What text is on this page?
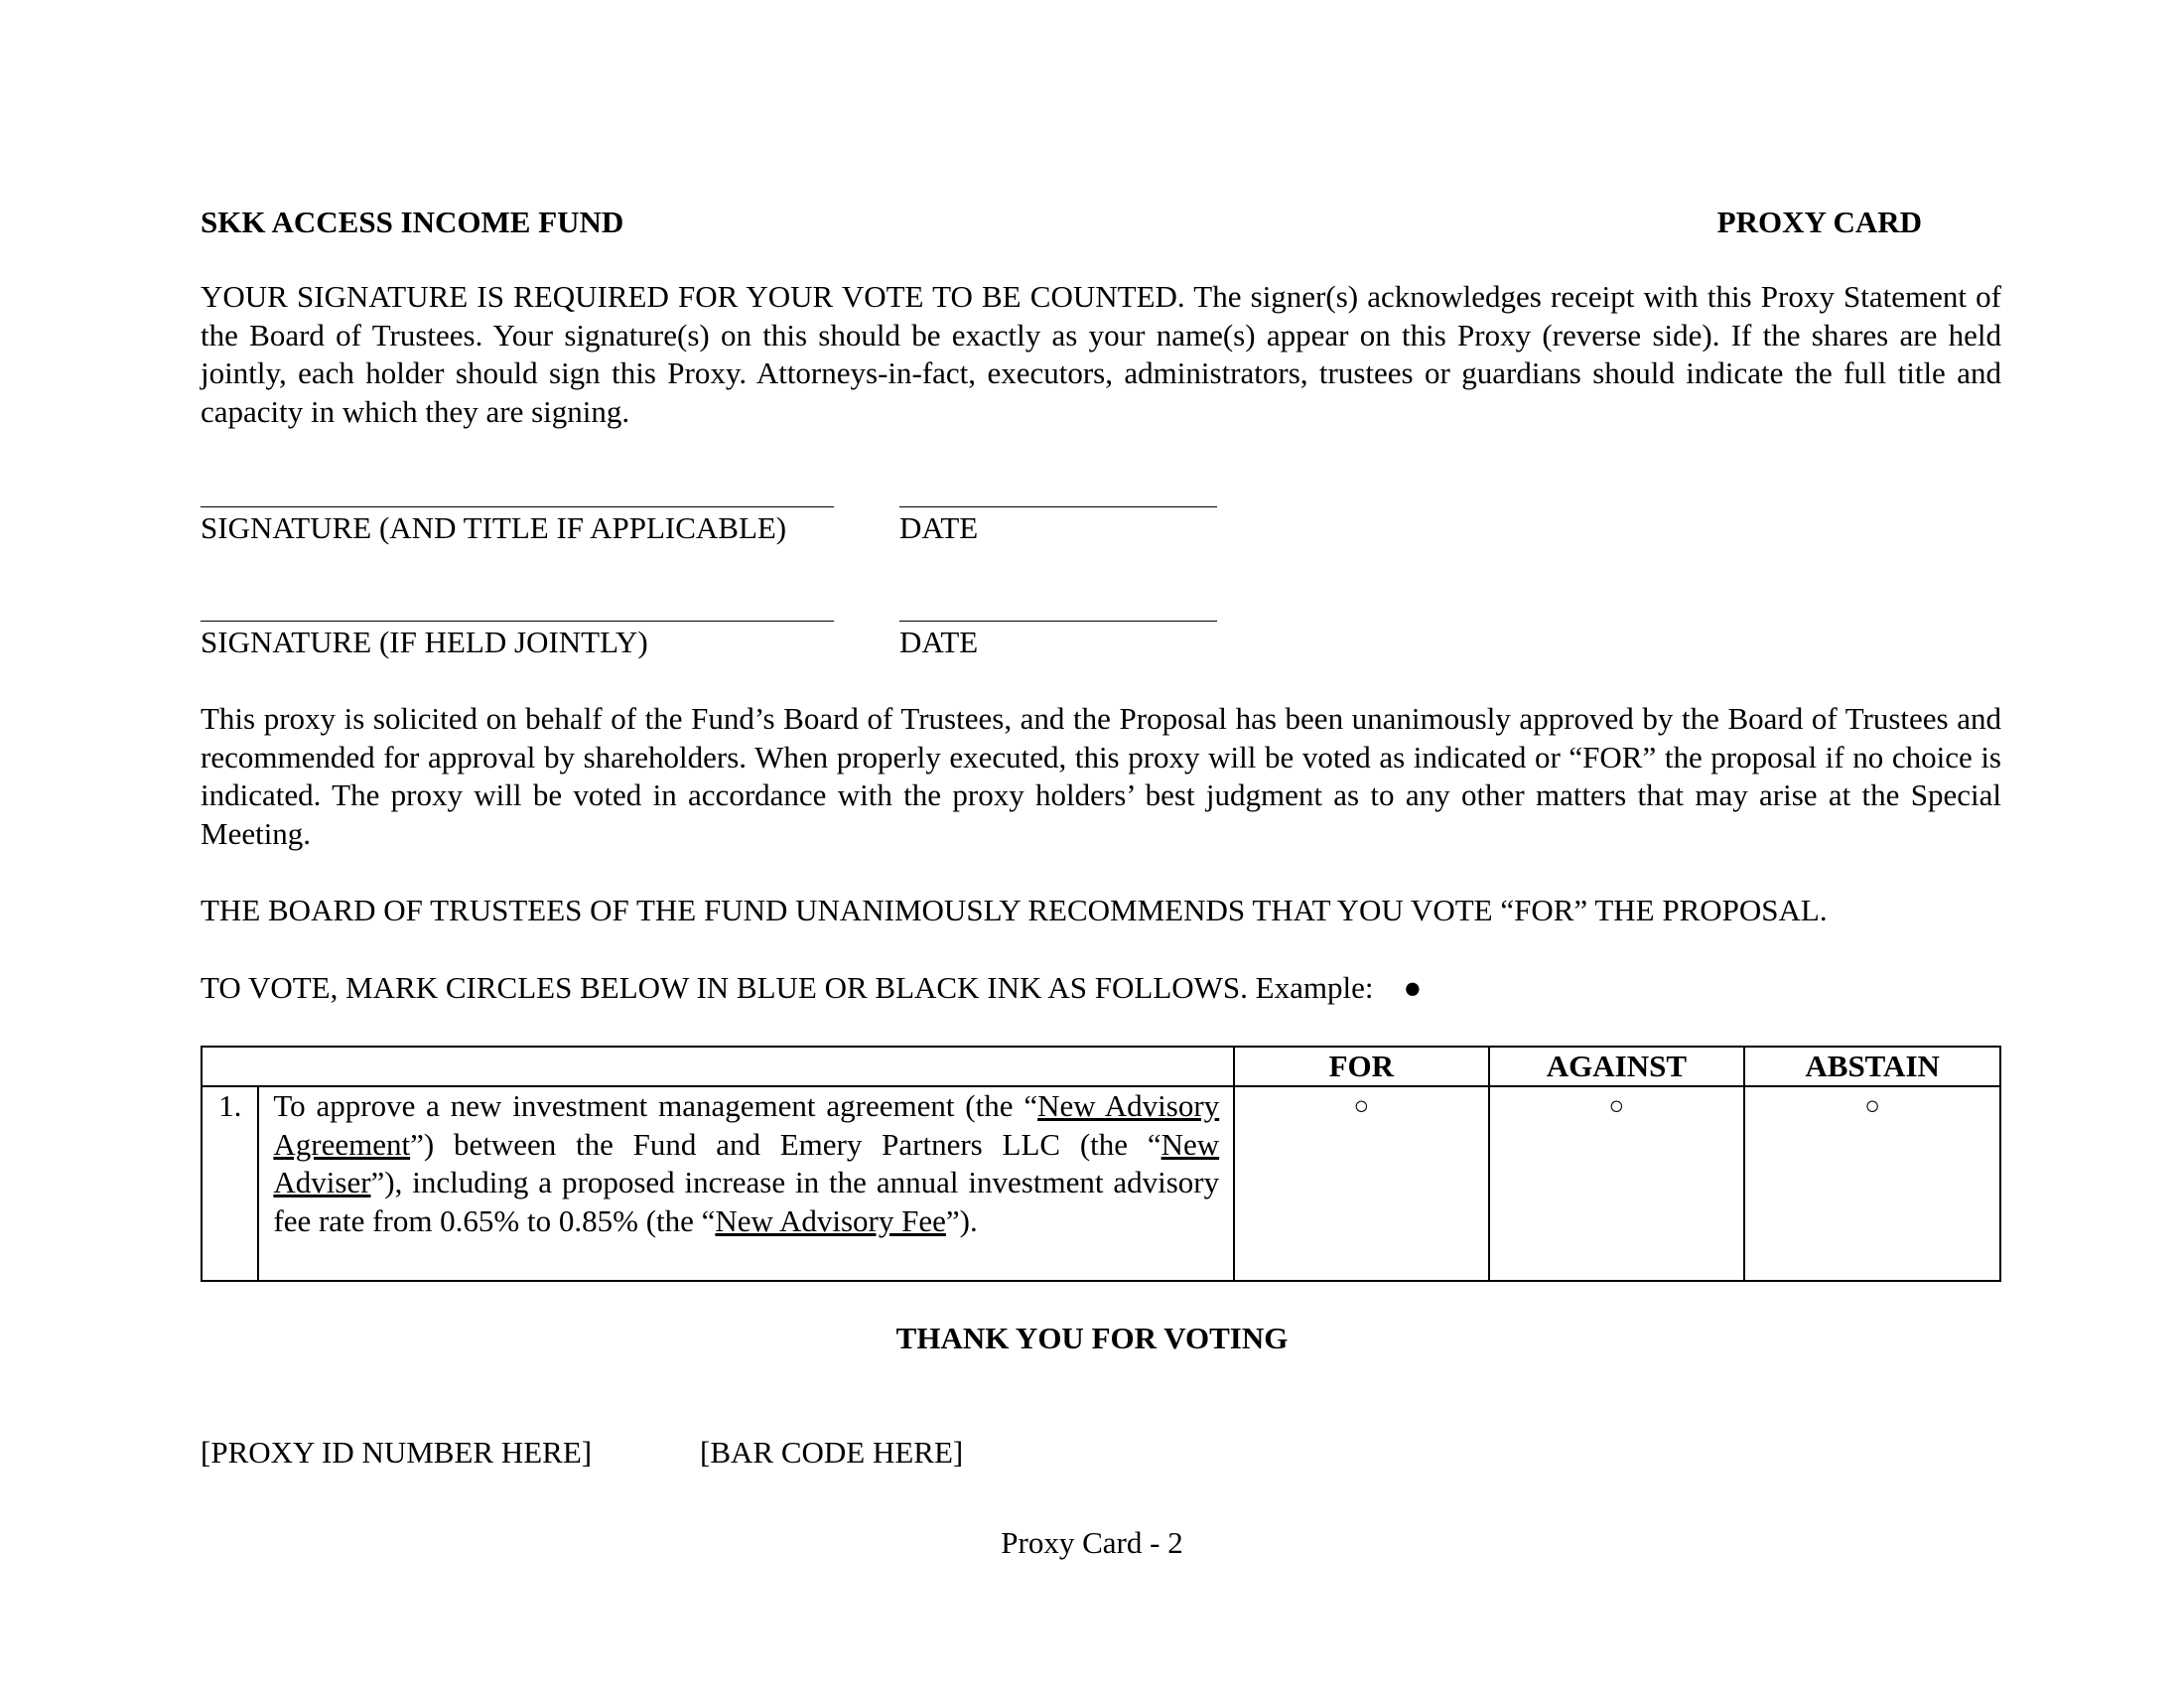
SKK ACCESS INCOME FUND	PROXY CARD
YOUR SIGNATURE IS REQUIRED FOR YOUR VOTE TO BE COUNTED. The signer(s) acknowledges receipt with this Proxy Statement of the Board of Trustees. Your signature(s) on this should be exactly as your name(s) appear on this Proxy (reverse side). If the shares are held jointly, each holder should sign this Proxy. Attorneys-in-fact, executors, administrators, trustees or guardians should indicate the full title and capacity in which they are signing.
SIGNATURE (AND TITLE IF APPLICABLE)	DATE
SIGNATURE (IF HELD JOINTLY)	DATE
This proxy is solicited on behalf of the Fund’s Board of Trustees, and the Proposal has been unanimously approved by the Board of Trustees and recommended for approval by shareholders. When properly executed, this proxy will be voted as indicated or “FOR” the proposal if no choice is indicated. The proxy will be voted in accordance with the proxy holders’ best judgment as to any other matters that may arise at the Special Meeting.
THE BOARD OF TRUSTEES OF THE FUND UNANIMOUSLY RECOMMENDS THAT YOU VOTE “FOR” THE PROPOSAL.
TO VOTE, MARK CIRCLES BELOW IN BLUE OR BLACK INK AS FOLLOWS. Example: ●
		FOR	AGAINST	ABSTAIN
1.	To approve a new investment management agreement (the “New Advisory Agreement”) between the Fund and Emery Partners LLC (the “New Adviser”), including a proposed increase in the annual investment advisory fee rate from 0.65% to 0.85% (the “New Advisory Fee”).	○	○	○
THANK YOU FOR VOTING
[PROXY ID NUMBER HERE]	[BAR CODE HERE]
Proxy Card - 2
